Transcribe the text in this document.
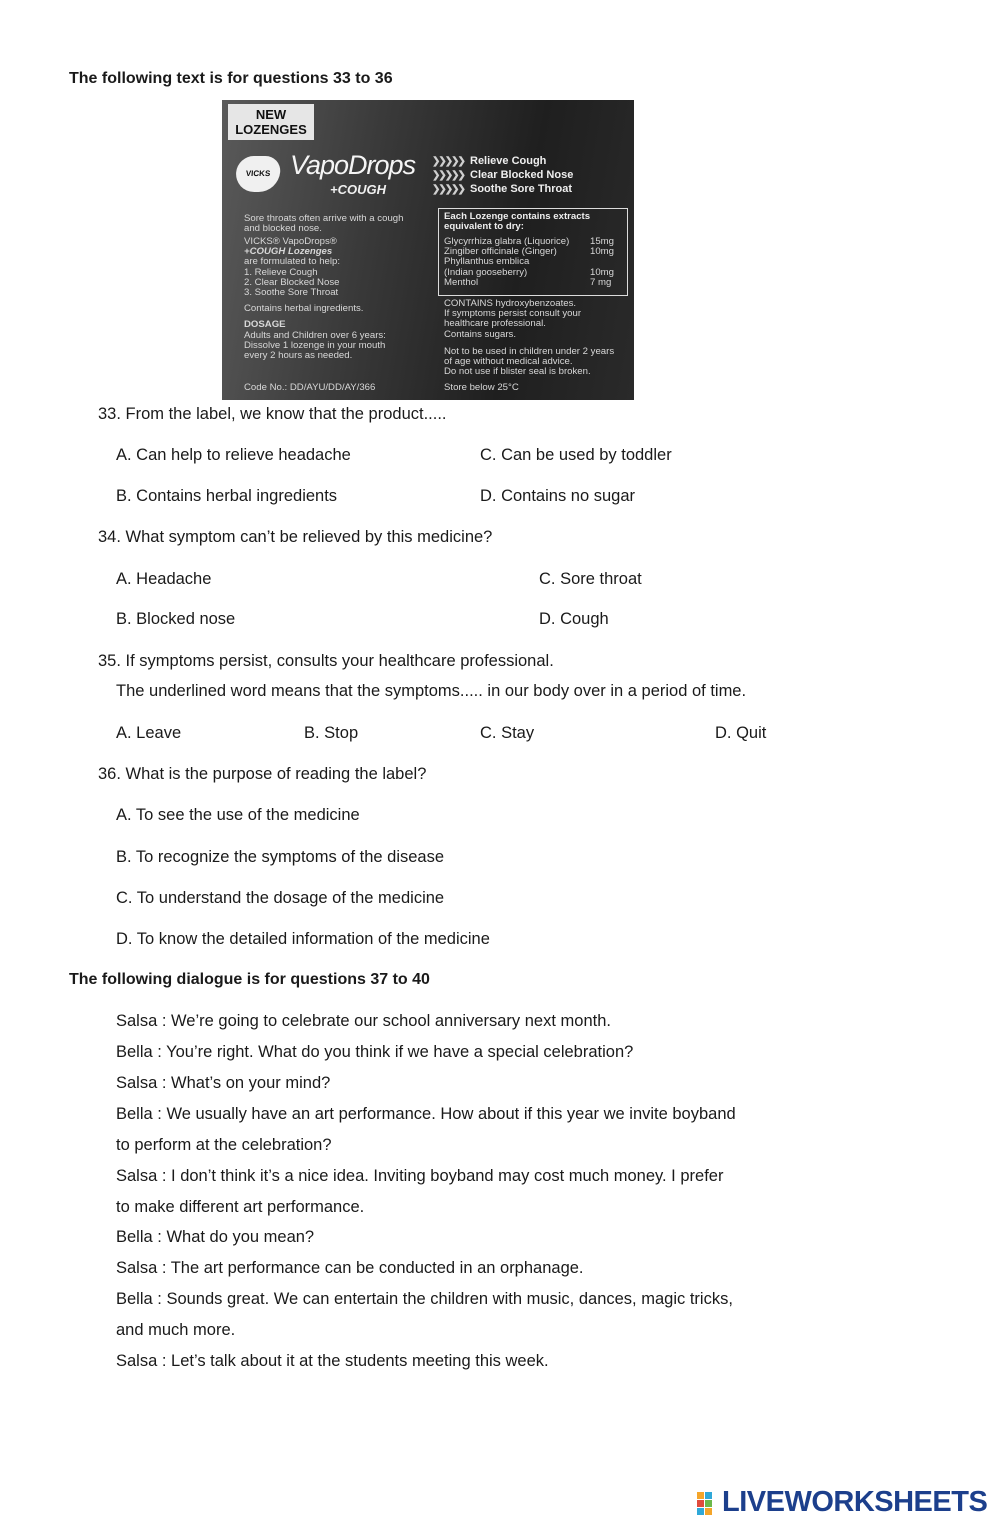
The following text is for questions 33 to 36
NEW
LOZENGES
VICKS VapoDrops
+COUGH
❯❯❯❯❯ Relieve Cough
❯❯❯❯❯ Clear Blocked Nose
❯❯❯❯❯ Soothe Sore Throat
Sore throats often arrive with a cough
and blocked nose.
VICKS® VapoDrops®
+COUGH Lozenges
are formulated to help:
1. Relieve Cough
2. Clear Blocked Nose
3. Soothe Sore Throat
Contains herbal ingredients.
DOSAGE
Adults and Children over 6 years:
Dissolve 1 lozenge in your mouth
every 2 hours as needed.
Code No.: DD/AYU/DD/AY/366
Each Lozenge contains extracts
equivalent to dry:
Glycyrrhiza glabra (Liquorice) 15mg
Zingiber officinale (Ginger)	10mg
Phyllanthus emblica
(Indian gooseberry)	10mg
Menthol	7 mg
CONTAINS hydroxybenzoates.
If symptoms persist consult your
healthcare professional.
Contains sugars.
Not to be used in children under 2 years
of age without medical advice.
Do not use if blister seal is broken.
Store below 25°C
33. From the label, we know that the product.....
A. Can help to relieve headache	C. Can be used by toddler
B. Contains herbal ingredients	D. Contains no sugar
34. What symptom can’t be relieved by this medicine?
A. Headache	C. Sore throat
B. Blocked nose	D. Cough
35. If symptoms persist, consults your healthcare professional.
The underlined word means that the symptoms..... in our body over in a period of time.
A. Leave	B. Stop	C. Stay	D. Quit
36. What is the purpose of reading the label?
A. To see the use of the medicine
B. To recognize the symptoms of the disease
C. To understand the dosage of the medicine
D. To know the detailed information of the medicine
The following dialogue is for questions 37 to 40
Salsa : We’re going to celebrate our school anniversary next month.
Bella : You’re right. What do you think if we have a special celebration?
Salsa : What’s on your mind?
Bella : We usually have an art performance. How about if this year we invite boyband
to perform at the celebration?
Salsa : I don’t think it’s a nice idea. Inviting boyband may cost much money. I prefer
to make different art performance.
Bella : What do you mean?
Salsa : The art performance can be conducted in an orphanage.
Bella : Sounds great. We can entertain the children with music, dances, magic tricks,
and much more.
Salsa : Let’s talk about it at the students meeting this week.
LIVEWORKSHEETS
